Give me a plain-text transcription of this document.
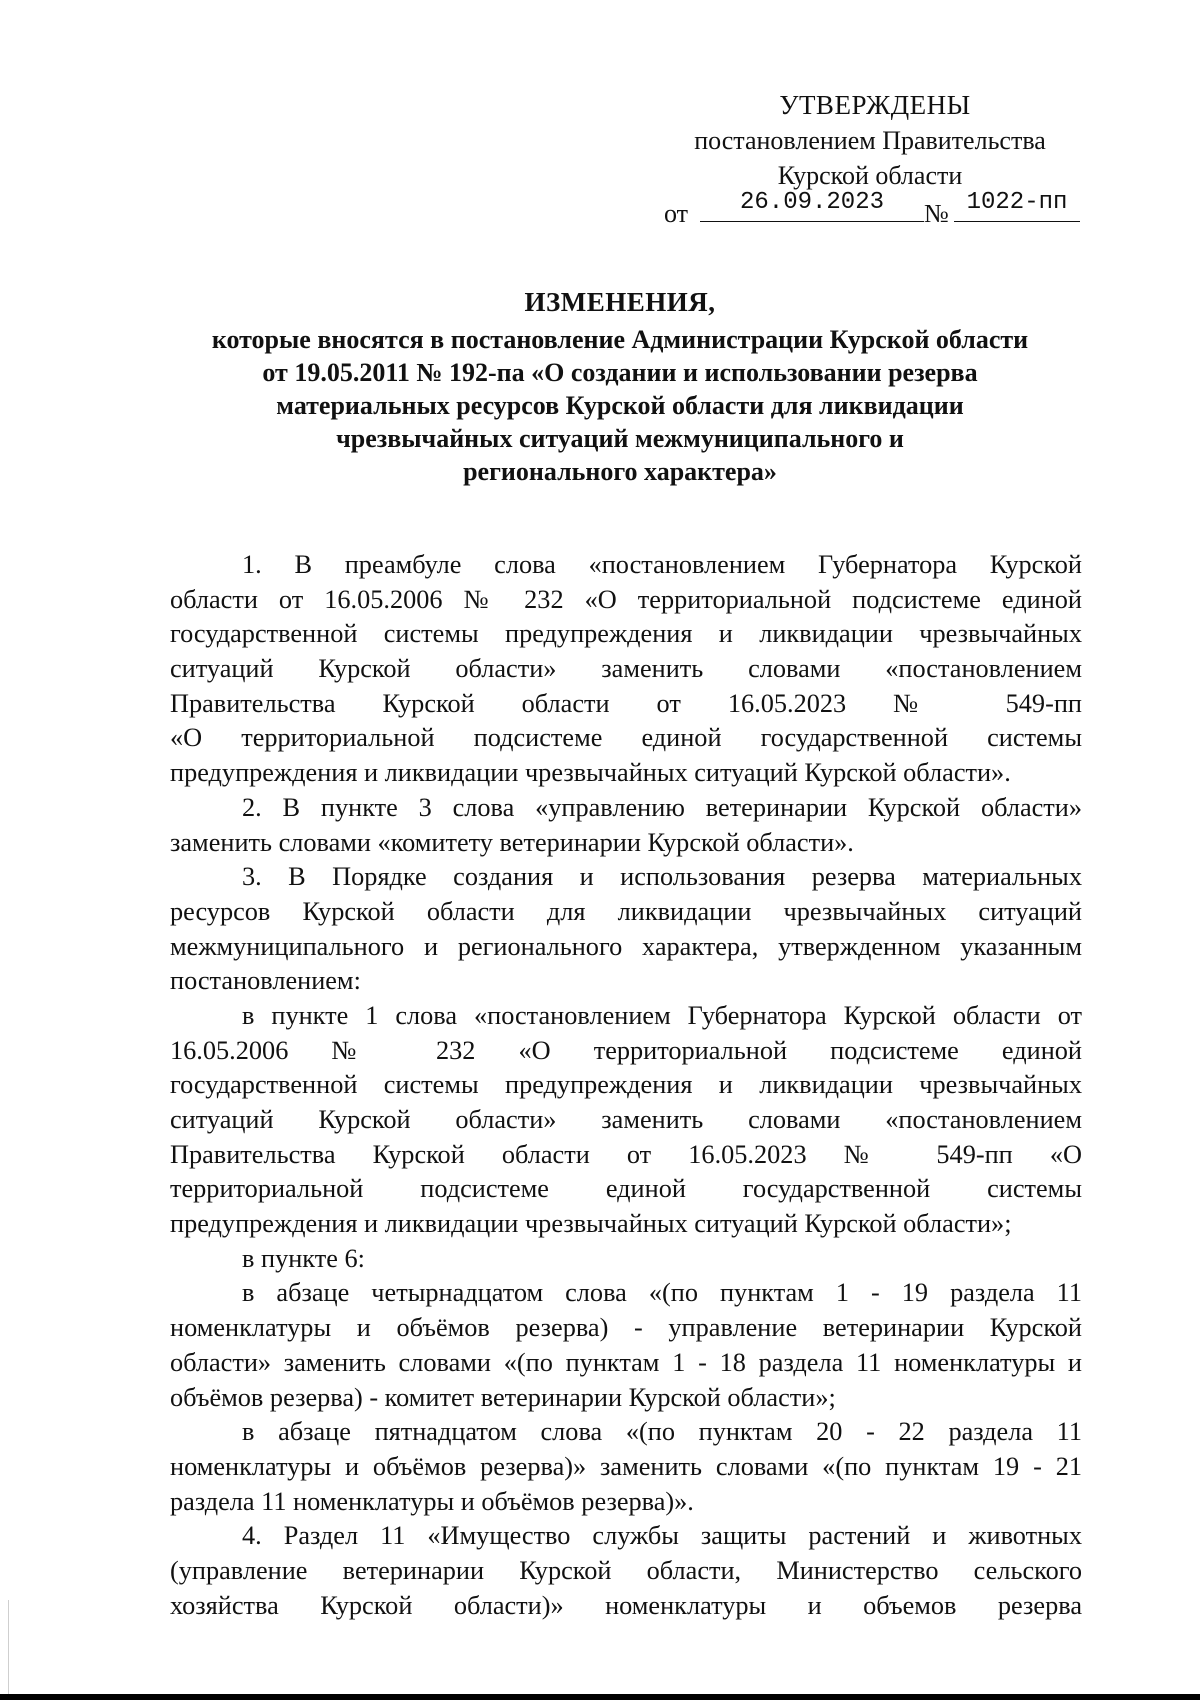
УТВЕРЖДЕНЫ
постановлением Правительства
Курской области
от	26.09.2023	№ 1022-пп
ИЗМЕНЕНИЯ,
которые вносятся в постановление Администрации Курской области
от 19.05.2011 № 192-па «О создании и использовании резерва
материальных ресурсов Курской области для ликвидации
чрезвычайных ситуаций межмуниципального и
регионального характера»
1. В преамбуле слова «постановлением Губернатора Курской
области от 16.05.2006 № 232 «О территориальной подсистеме единой
государственной системы предупреждения и ликвидации чрезвычайных
ситуаций Курской области» заменить словами «постановлением
Правительства Курской области от 16.05.2023 № 549-пп
«О территориальной подсистеме единой государственной системы
предупреждения и ликвидации чрезвычайных ситуаций Курской области».
2. В пункте 3 слова «управлению ветеринарии Курской области»
заменить словами «комитету ветеринарии Курской области».
3. В Порядке создания и использования резерва материальных
ресурсов Курской области для ликвидации чрезвычайных ситуаций
межмуниципального и регионального характера, утвержденном указанным
постановлением:
в пункте 1 слова «постановлением Губернатора Курской области от
16.05.2006 № 232 «О территориальной подсистеме единой
государственной системы предупреждения и ликвидации чрезвычайных
ситуаций Курской области» заменить словами «постановлением
Правительства Курской области от 16.05.2023 № 549-пп «О
территориальной подсистеме единой государственной системы
предупреждения и ликвидации чрезвычайных ситуаций Курской области»;
в пункте 6:
в абзаце четырнадцатом слова «(по пунктам 1 - 19 раздела 11
номенклатуры и объёмов резерва) - управление ветеринарии Курской
области» заменить словами «(по пунктам 1 - 18 раздела 11 номенклатуры и
объёмов резерва) - комитет ветеринарии Курской области»;
в абзаце пятнадцатом слова «(по пунктам 20 - 22 раздела 11
номенклатуры и объёмов резерва)» заменить словами «(по пунктам 19 - 21
раздела 11 номенклатуры и объёмов резерва)».
4. Раздел 11 «Имущество службы защиты растений и животных
(управление ветеринарии Курской области, Министерство сельского
хозяйства Курской области)» номенклатуры и объемов резерва
